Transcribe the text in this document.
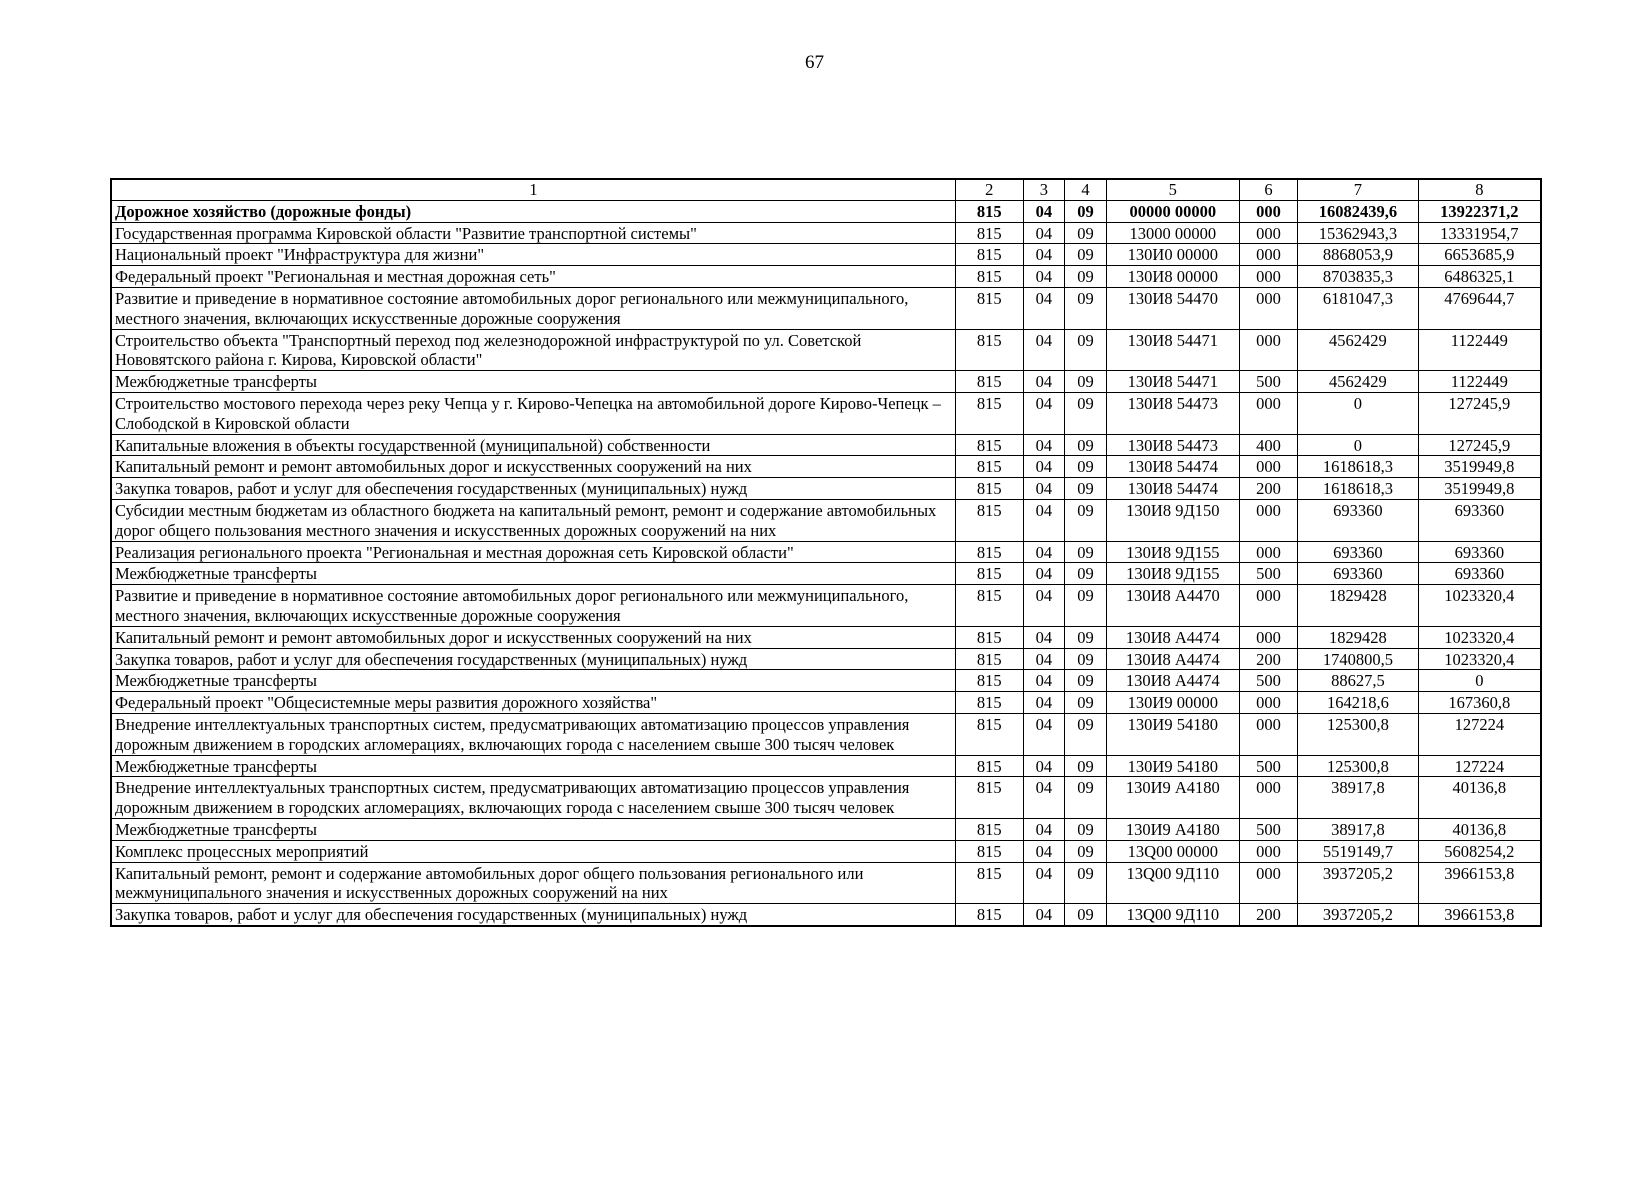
67
1	2	3	4	5	6	7	8
Дорожное хозяйство (дорожные фонды)	815	04	09	00000 00000	000	16082439,6	13922371,2
Государственная программа Кировской области "Развитие транспортной системы"	815	04	09	13000 00000	000	15362943,3	13331954,7
Национальный проект "Инфраструктура для жизни"	815	04	09	130И0 00000	000	8868053,9	6653685,9
Федеральный проект "Региональная и местная дорожная сеть"	815	04	09	130И8 00000	000	8703835,3	6486325,1
Развитие и приведение в нормативное состояние автомобильных дорог регионального или межмуниципального, местного значения, включающих искусственные дорожные сооружения	815	04	09	130И8 54470	000	6181047,3	4769644,7
Строительство объекта "Транспортный переход под железнодорожной инфраструктурой по ул. Советской Нововятского района г. Кирова, Кировской области"	815	04	09	130И8 54471	000	4562429	1122449
Межбюджетные трансферты	815	04	09	130И8 54471	500	4562429	1122449
Строительство мостового перехода через реку Чепца у г. Кирово-Чепецка на автомобильной дороге Кирово-Чепецк – Слободской в Кировской области	815	04	09	130И8 54473	000	0	127245,9
Капитальные вложения в объекты государственной (муниципальной) собственности	815	04	09	130И8 54473	400	0	127245,9
Капитальный ремонт и ремонт автомобильных дорог и искусственных сооружений на них	815	04	09	130И8 54474	000	1618618,3	3519949,8
Закупка товаров, работ и услуг для обеспечения государственных (муниципальных) нужд	815	04	09	130И8 54474	200	1618618,3	3519949,8
Субсидии местным бюджетам из областного бюджета на капитальный ремонт, ремонт и содержание автомобильных дорог общего пользования местного значения и искусственных дорожных сооружений на них	815	04	09	130И8 9Д150	000	693360	693360
Реализация регионального проекта "Региональная и местная дорожная сеть Кировской области"	815	04	09	130И8 9Д155	000	693360	693360
Межбюджетные трансферты	815	04	09	130И8 9Д155	500	693360	693360
Развитие и приведение в нормативное состояние автомобильных дорог регионального или межмуниципального, местного значения, включающих искусственные дорожные сооружения	815	04	09	130И8 А4470	000	1829428	1023320,4
Капитальный ремонт и ремонт автомобильных дорог и искусственных сооружений на них	815	04	09	130И8 А4474	000	1829428	1023320,4
Закупка товаров, работ и услуг для обеспечения государственных (муниципальных) нужд	815	04	09	130И8 А4474	200	1740800,5	1023320,4
Межбюджетные трансферты	815	04	09	130И8 А4474	500	88627,5	0
Федеральный проект "Общесистемные меры развития дорожного хозяйства"	815	04	09	130И9 00000	000	164218,6	167360,8
Внедрение интеллектуальных транспортных систем, предусматривающих автоматизацию процессов управления дорожным движением в городских агломерациях, включающих города с населением свыше 300 тысяч человек	815	04	09	130И9 54180	000	125300,8	127224
Межбюджетные трансферты	815	04	09	130И9 54180	500	125300,8	127224
Внедрение интеллектуальных транспортных систем, предусматривающих автоматизацию процессов управления дорожным движением в городских агломерациях, включающих города с населением свыше 300 тысяч человек	815	04	09	130И9 А4180	000	38917,8	40136,8
Межбюджетные трансферты	815	04	09	130И9 А4180	500	38917,8	40136,8
Комплекс процессных мероприятий	815	04	09	13Q00 00000	000	5519149,7	5608254,2
Капитальный ремонт, ремонт и содержание автомобильных дорог общего пользования регионального или межмуниципального значения и искусственных дорожных сооружений на них	815	04	09	13Q00 9Д110	000	3937205,2	3966153,8
Закупка товаров, работ и услуг для обеспечения государственных (муниципальных) нужд	815	04	09	13Q00 9Д110	200	3937205,2	3966153,8
